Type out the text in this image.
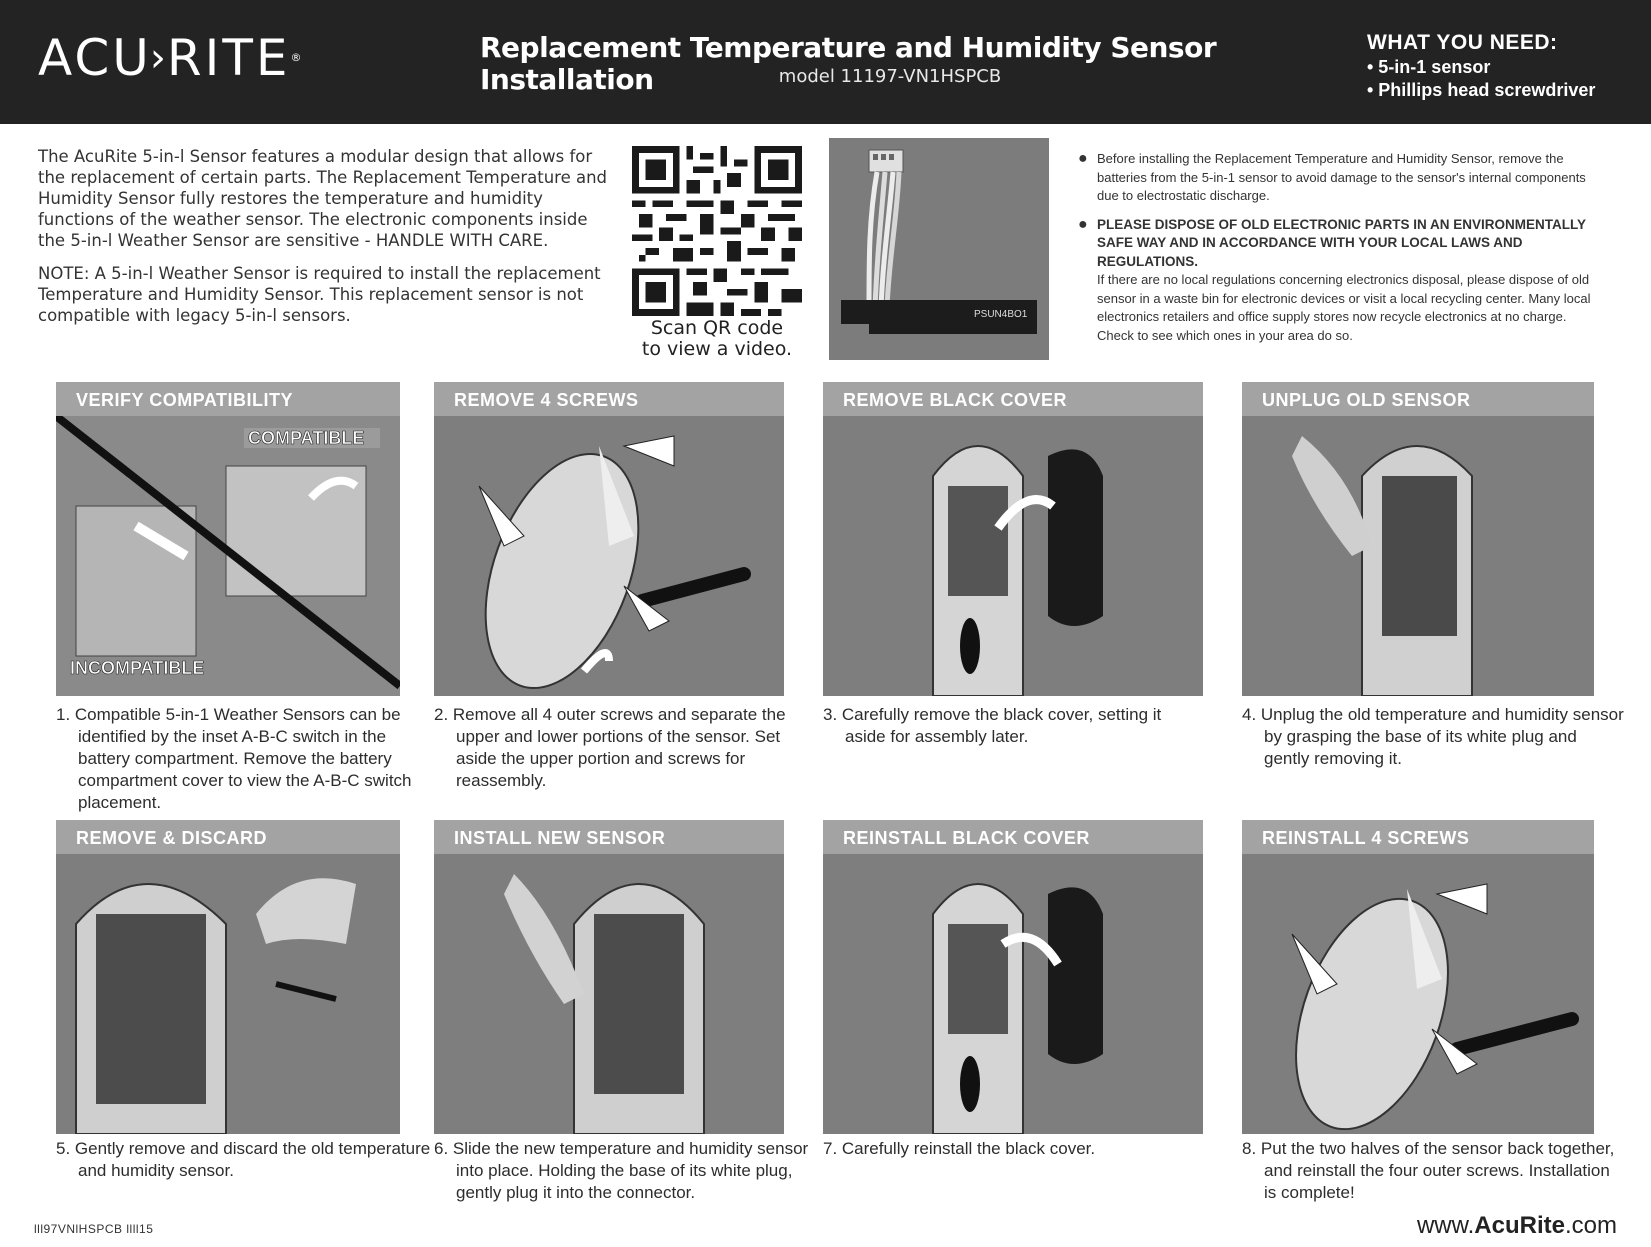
ACU›RITE®	Replacement Temperature and Humidity Sensor Installation	model 11197-VN1HSPCB
WHAT YOU NEED:
• 5-in-1 sensor
• Phillips head screwdriver

The AcuRite 5-in-l Sensor features a modular design that allows for the replacement of certain parts. The Replacement Temperature and Humidity Sensor fully restores the temperature and humidity functions of the weather sensor. The electronic components inside the 5-in-l Weather Sensor are sensitive - HANDLE WITH CARE.

NOTE: A 5-in-l Weather Sensor is required to install the replacement Temperature and Humidity Sensor. This replacement sensor is not compatible with legacy 5-in-l sensors.

Scan QR code
to view a video.
PSUN4BO1
● Before installing the Replacement Temperature and Humidity Sensor, remove the batteries from the 5-in-1 sensor to avoid damage to the sensor's internal components due to electrostatic discharge.
● PLEASE DISPOSE OF OLD ELECTRONIC PARTS IN AN ENVIRONMENTALLY SAFE WAY AND IN ACCORDANCE WITH YOUR LOCAL LAWS AND REGULATIONS.
If there are no local regulations concerning electronics disposal, please dispose of old sensor in a waste bin for electronic devices or visit a local recycling center. Many local electronics retailers and office supply stores now recycle electronics at no charge. Check to see which ones in your area do so.
VERIFY COMPATIBILITY
COMPATIBLE
INCOMPATIBLE
1. Compatible 5-in-1 Weather Sensors can be identified by the inset A-B-C switch in the battery compartment. Remove the battery compartment cover to view the A-B-C switch placement.
REMOVE 4 SCREWS
2. Remove all 4 outer screws and separate the upper and lower portions of the sensor. Set aside the upper portion and screws for reassembly.
REMOVE BLACK COVER
3. Carefully remove the black cover, setting it aside for assembly later.
UNPLUG OLD SENSOR
4. Unplug the old temperature and humidity sensor by grasping the base of its white plug and gently removing it.
REMOVE & DISCARD
5. Gently remove and discard the old temperature and humidity sensor.
INSTALL NEW SENSOR
6. Slide the new temperature and humidity sensor into place. Holding the base of its white plug, gently plug it into the connector.
REINSTALL BLACK COVER
7. Carefully reinstall the black cover.
REINSTALL 4 SCREWS
8. Put the two halves of the sensor back together, and reinstall the four outer screws. Installation is complete!
lll97VNlHSPCB llll15	www.AcuRite.com
